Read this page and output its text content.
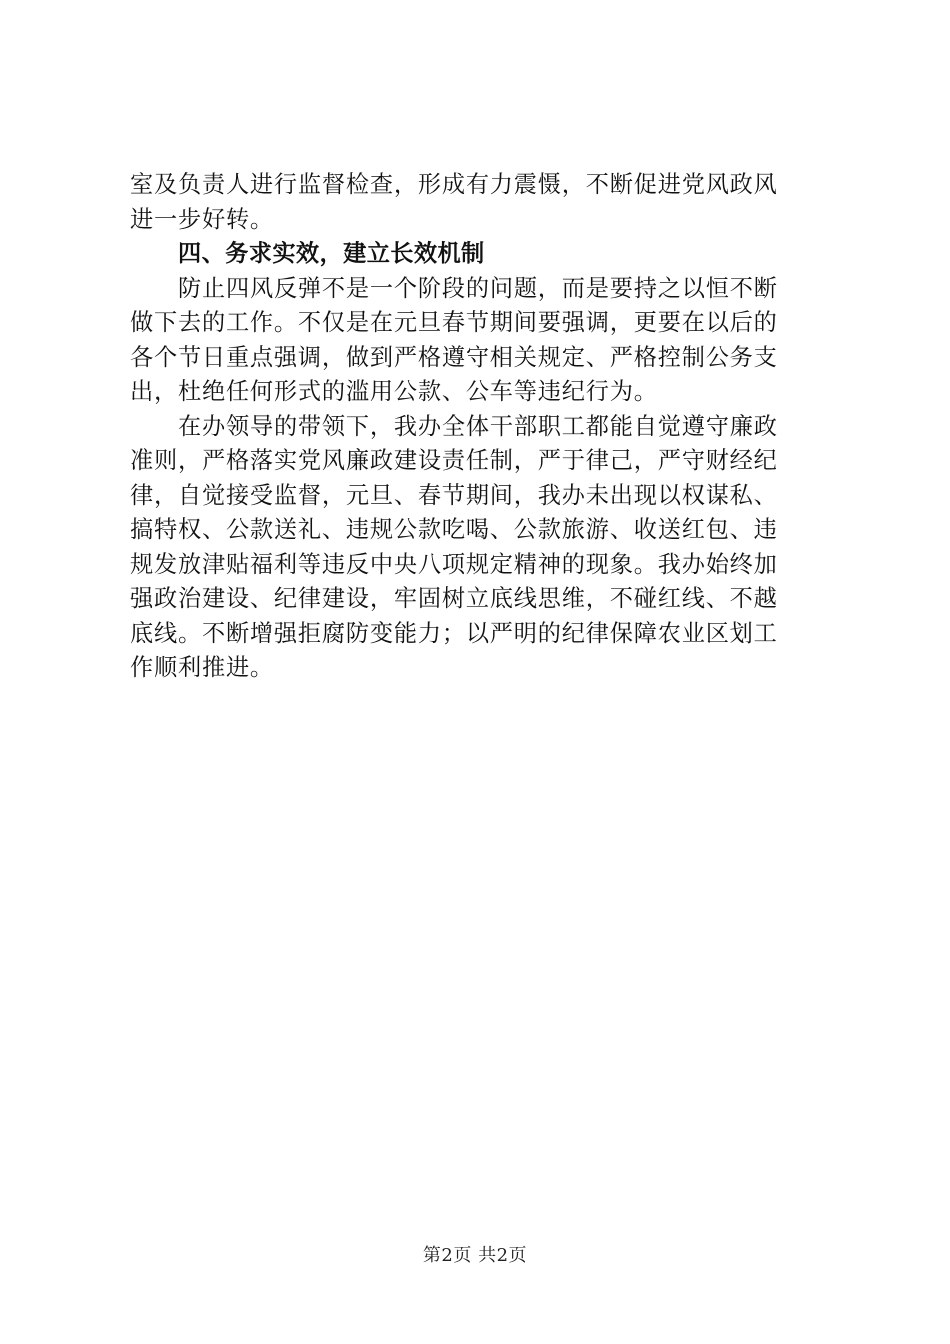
室及负责人进行监督检查，形成有力震慑，不断促进党风政风
进一步好转。
四、务求实效，建立长效机制
防止四风反弹不是一个阶段的问题，而是要持之以恒不断
做下去的工作。不仅是在元旦春节期间要强调，更要在以后的
各个节日重点强调，做到严格遵守相关规定、严格控制公务支
出，杜绝任何形式的滥用公款、公车等违纪行为。
在办领导的带领下，我办全体干部职工都能自觉遵守廉政
准则，严格落实党风廉政建设责任制，严于律己，严守财经纪
律，自觉接受监督，元旦、春节期间，我办未出现以权谋私、
搞特权、公款送礼、违规公款吃喝、公款旅游、收送红包、违
规发放津贴福利等违反中央八项规定精神的现象。我办始终加
强政治建设、纪律建设，牢固树立底线思维，不碰红线、不越
底线。不断增强拒腐防变能力；以严明的纪律保障农业区划工
作顺利推进。
第2页 共2页
